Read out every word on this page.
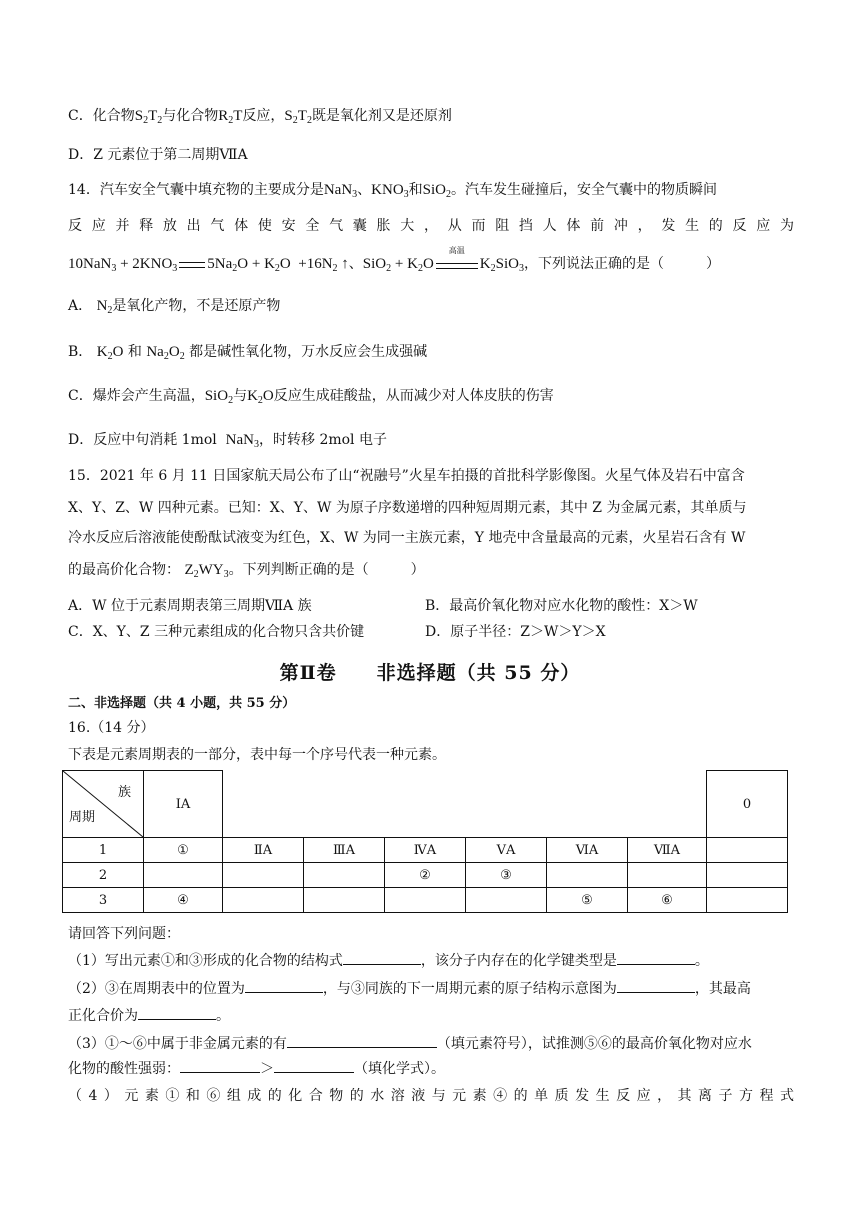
C．化合物$S_2T_2$与化合物$R_2T$反应，$S_2T_2$既是氧化剂又是还原剂
D．Z 元素位于第二周期ⅦA
14．汽车安全气囊中填充物的主要成分是NaN$_3$、$KNO_3$和SiO$_2$。汽车发生碰撞后，安全气囊中的物质瞬间
反应并释放出气体使安全气囊胀大，从而阻挡人体前冲，发生的反应为
$10NaN_3 + 2KNO_3$ $5Na_2O + K_2O +16N_2$ ↑、$SiO_2 + K_2O$
高温
$K_2SiO_3$，下列说法正确的是（　　　）
A． $N_2$是氧化产物，不是还原产物
B． $K_2O$ 和 $Na_2O_2$ 都是碱性氧化物，万水反应会生成强碱
C．爆炸会产生高温，SiO$_2$与$K_2O$反应生成硅酸盐，从而减少对人体皮肤的伤害
D．反应中句消耗 1mol  NaN$_3$，时转移 2mol 电子
15．2021 年 6 月 11 日国家航天局公布了山“祝融号”火星车拍摄的首批科学影像图。火星气体及岩石中富含
X、Y、Z、W 四种元素。已知：X、Y、W 为原子序数递增的四种短周期元素，其中 Z 为金属元素，其单质与
冷水反应后溶液能使酚酞试液变为红色，X、W 为同一主族元素，Y 地壳中含量最高的元素，火星岩石含有 W
的最高价化合物： $Z_2WY_3$。下列判断正确的是（　　　）
A．W 位于元素周期表第三周期ⅦA 族	B．最高价氧化物对应水化物的酸性：X＞W
C．X、Y、Z 三种元素组成的化合物只含共价键	D．原子半径：Z＞W＞Y＞X
第Ⅱ卷　　非选择题（共 55 分）
二、非选择题（共 4 小题，共 55 分）
16.（14 分）
下表是元素周期表的一部分，表中每一个序号代表一种元素。
族
周期	ⅠA							0
1	①	ⅡA	ⅢA	ⅣA	ⅤA	ⅥA	ⅦA	
2				②	③			
3	④					⑤	⑥	
请回答下列问题：
（1）写出元素①和③形成的化合物的结构式	，该分子内存在的化学键类型是	。
（2）③在周期表中的位置为	，与③同族的下一周期元素的原子结构示意图为	，其最高
正化合价为	。
（3）①～⑥中属于非金属元素的有	（填元素符号），试推测⑤⑥的最高价氧化物对应水
化物的酸性强弱：	＞	（填化学式）。
（4）元素①和⑥组成的化合物的水溶液与元素④的单质发生反应，其离子方程式
